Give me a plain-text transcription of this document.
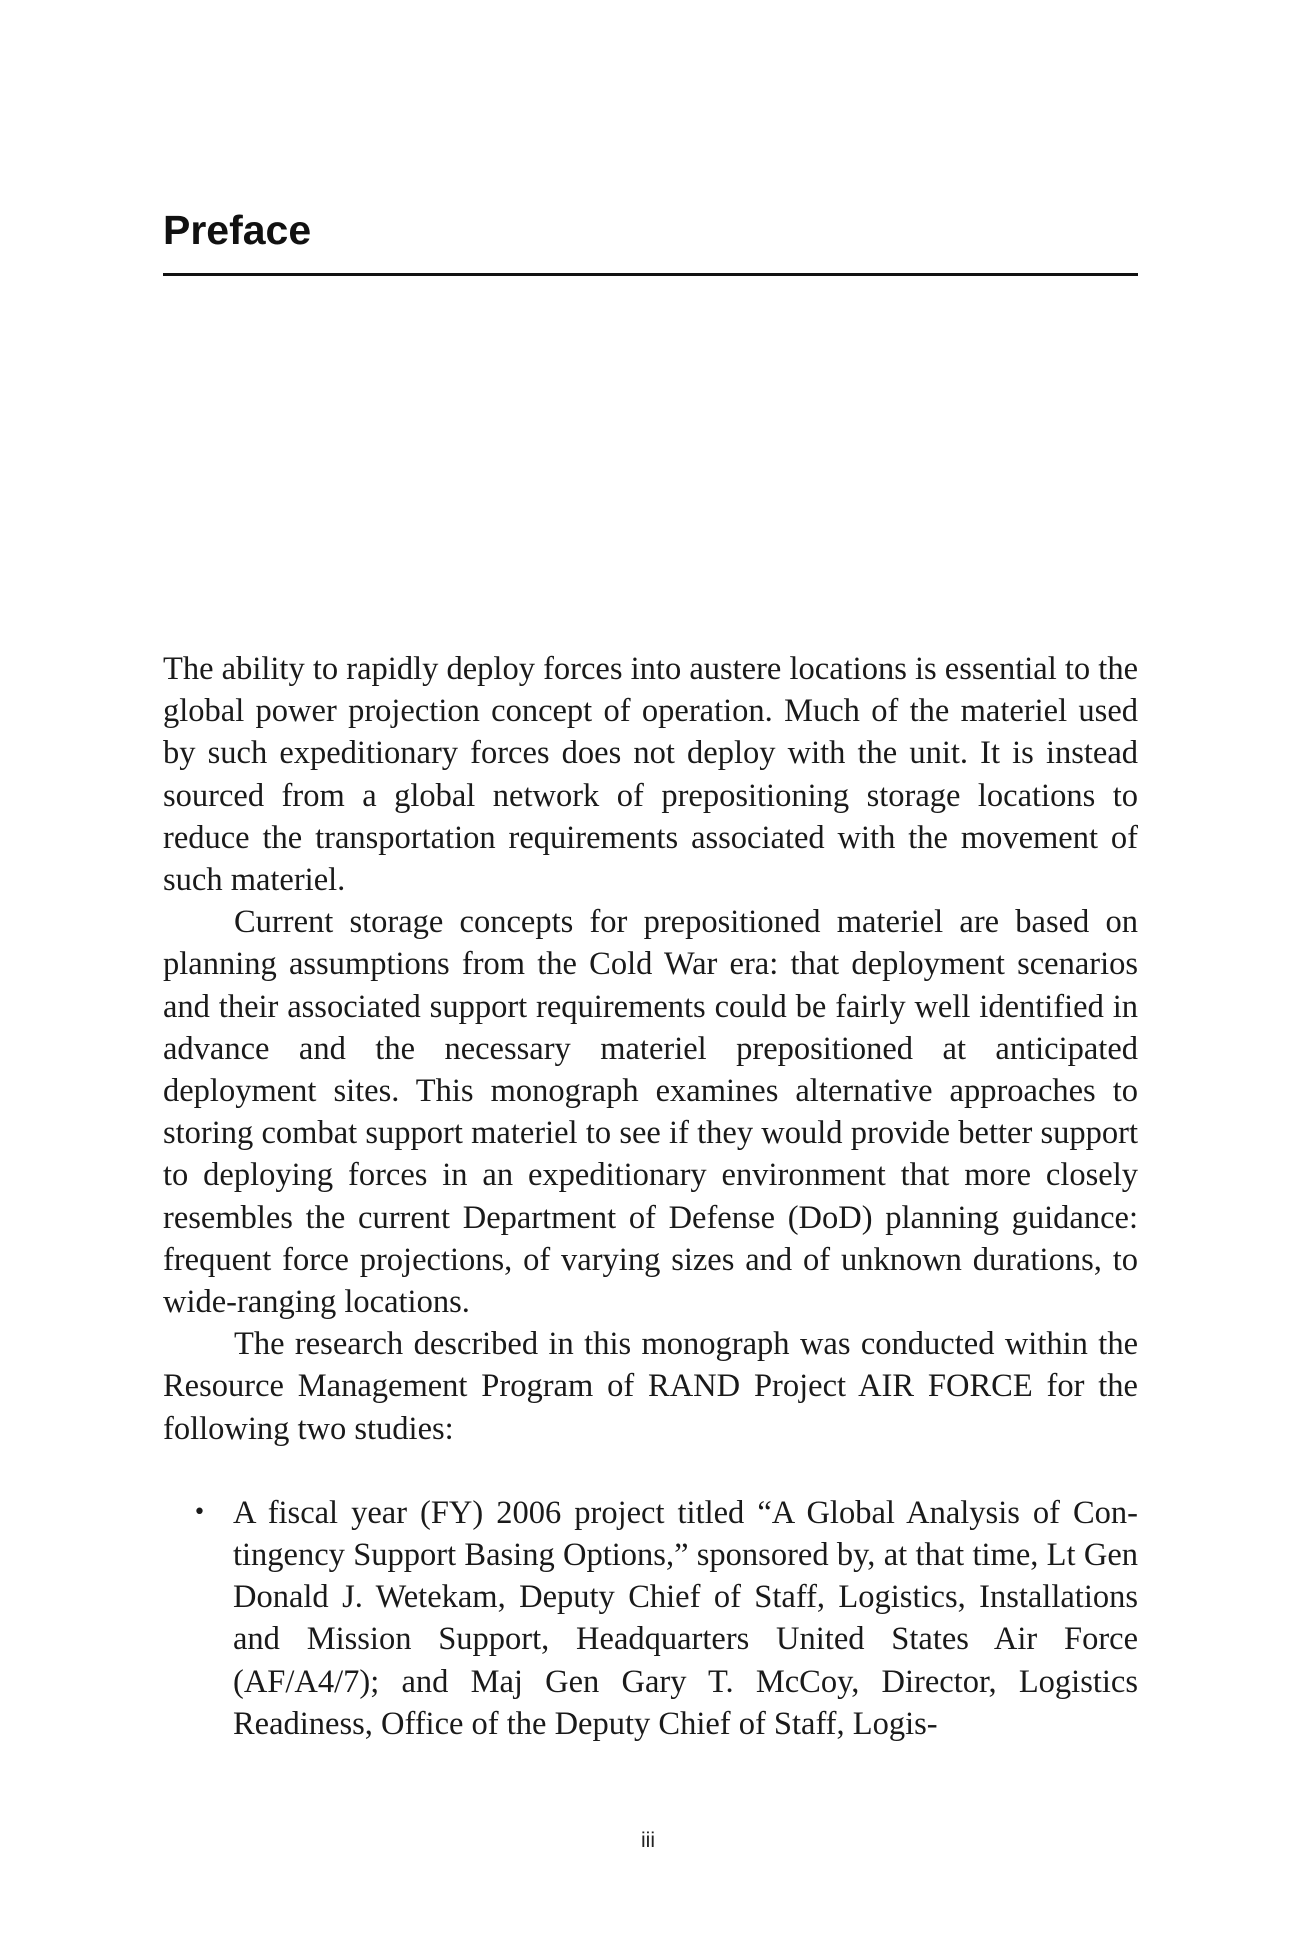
Preface

The ability to rapidly deploy forces into austere locations is essential to the global power projection concept of operation. Much of the materiel used by such expeditionary forces does not deploy with the unit. It is instead sourced from a global network of prepositioning storage locations to reduce the transportation requirements associated with the movement of such materiel.

Current storage concepts for prepositioned materiel are based on planning assumptions from the Cold War era: that deployment scenarios and their associated support requirements could be fairly well identified in advance and the necessary materiel prepositioned at anticipated deployment sites. This monograph examines alternative approaches to storing combat support materiel to see if they would provide better support to deploying forces in an expeditionary environment that more closely resembles the current Department of Defense (DoD) planning guidance: frequent force projections, of varying sizes and of unknown durations, to wide-ranging locations.

The research described in this monograph was conducted within the Resource Management Program of RAND Project AIR FORCE for the following two studies:

• A fiscal year (FY) 2006 project titled “A Global Analysis of Contingency Support Basing Options,” sponsored by, at that time, Lt Gen Donald J. Wetekam, Deputy Chief of Staff, Logistics, Installations and Mission Support, Headquarters United States Air Force (AF/A4/7); and Maj Gen Gary T. McCoy, Director, Logistics Readiness, Office of the Deputy Chief of Staff, Logis-
iii
